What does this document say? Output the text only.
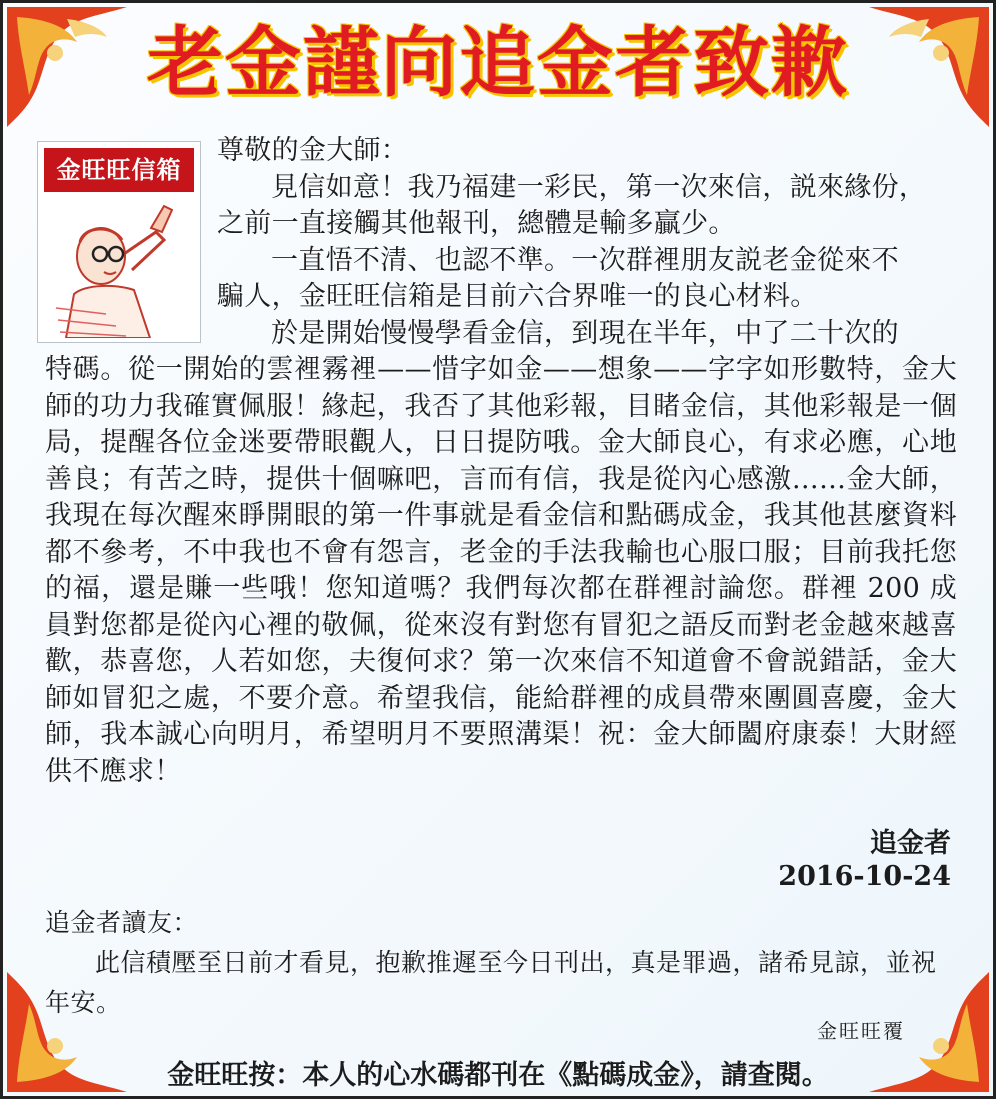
老金謹向追金者致歉
金旺旺信箱

尊敬的金大師：

見信如意！我乃福建一彩民，第一次來信，説來緣份，

之前一直接觸其他報刊，總體是輸多贏少。

一直悟不清、也認不準。一次群裡朋友説老金從來不

騙人，金旺旺信箱是目前六合界唯一的良心材料。

於是開始慢慢學看金信，到現在半年，中了二十次的

特碼。從一開始的雲裡霧裡——惜字如金——想象——字字如形數特，金大師的功力我確實佩服！緣起，我否了其他彩報，目睹金信，其他彩報是一個局，提醒各位金迷要帶眼觀人，日日提防哦。金大師良心，有求必應，心地善良；有苦之時，提供十個嘛吧，言而有信，我是從內心感激……金大師，我現在每次醒來睜開眼的第一件事就是看金信和點碼成金，我其他甚麼資料都不參考，不中我也不會有怨言，老金的手法我輸也心服口服；目前我托您的福，還是賺一些哦！您知道嗎？我們每次都在群裡討論您。群裡 200 成員對您都是從內心裡的敬佩，從來沒有對您有冒犯之語反而對老金越來越喜歡，恭喜您，人若如您，夫復何求？第一次來信不知道會不會説錯話，金大師如冒犯之處，不要介意。希望我信，能給群裡的成員帶來團圓喜慶，金大師，我本誠心向明月，希望明月不要照溝渠！祝：金大師闔府康泰！大財經供不應求！

追金者
2016-10-24

追金者讀友：

此信積壓至日前才看見，抱歉推遲至今日刊出，真是罪過，諸希見諒，並祝年安。

金旺旺覆
金旺旺按：本人的心水碼都刊在《點碼成金》，請查閱。
